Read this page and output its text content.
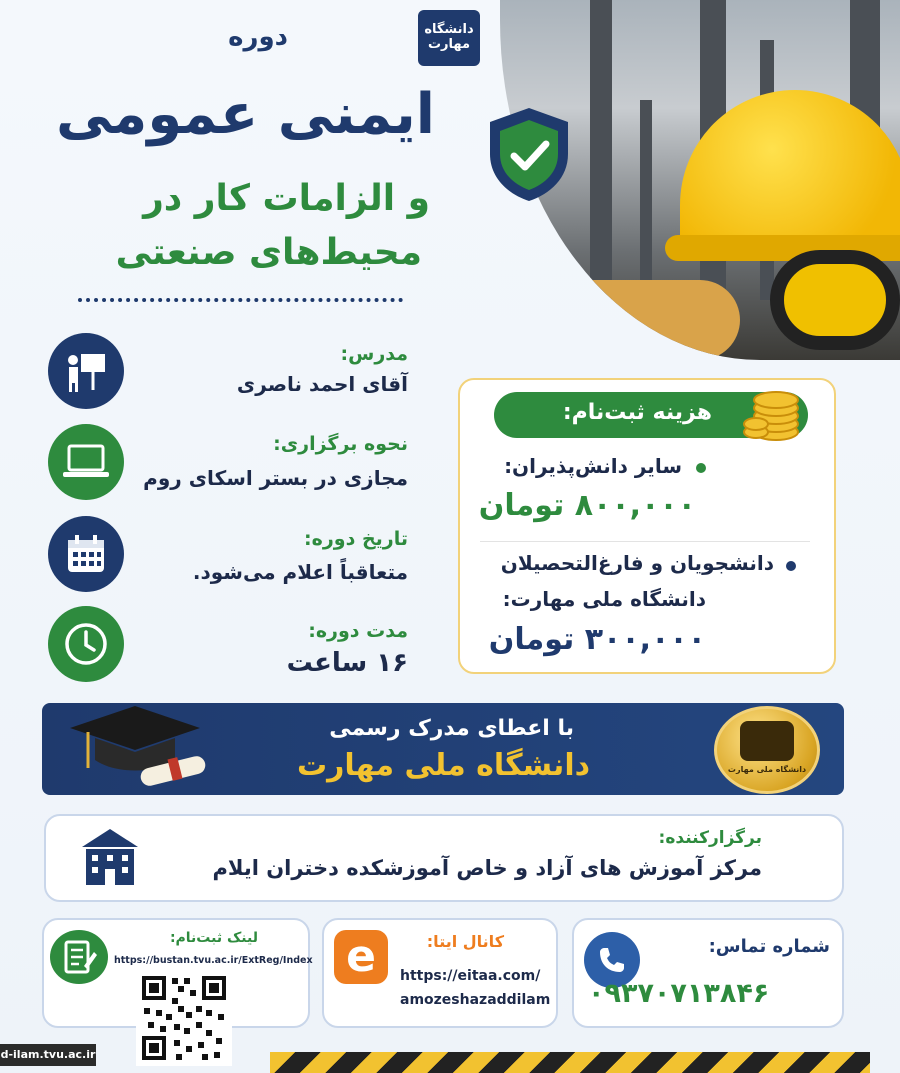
دانشگاه مهارت
دوره
ایمنی عمومی
و الزامات کار در
محیط‌های صنعتی
مدرس:
آقای احمد ناصری
نحوه برگزاری:
مجازی در بستر اسکای روم
تاریخ دوره:
متعاقباً اعلام می‌شود.
مدت دوره:
۱۶ ساعت
هزینه ثبت‌نام:
سایر دانش‌پذیران:
۸۰۰,۰۰۰ تومان
دانشجویان و فارغ‌التحصیلان
دانشگاه ملی مهارت:
۳۰۰,۰۰۰ تومان
با اعطای مدرک رسمی
دانشگاه ملی مهارت	دانشگاه ملی مهارت
برگزارکننده:
مرکز آموزش های آزاد و خاص آموزشکده دختران ایلام
شماره تماس:
۰۹۳۷۰۷۱۳۸۴۶
e	کانال ایتا:
https://eitaa.com/
amozeshazaddilam
لینک ثبت‌نام:
https://bustan.tvu.ac.ir/ExtReg/Index
d-ilam.tvu.ac.ir
